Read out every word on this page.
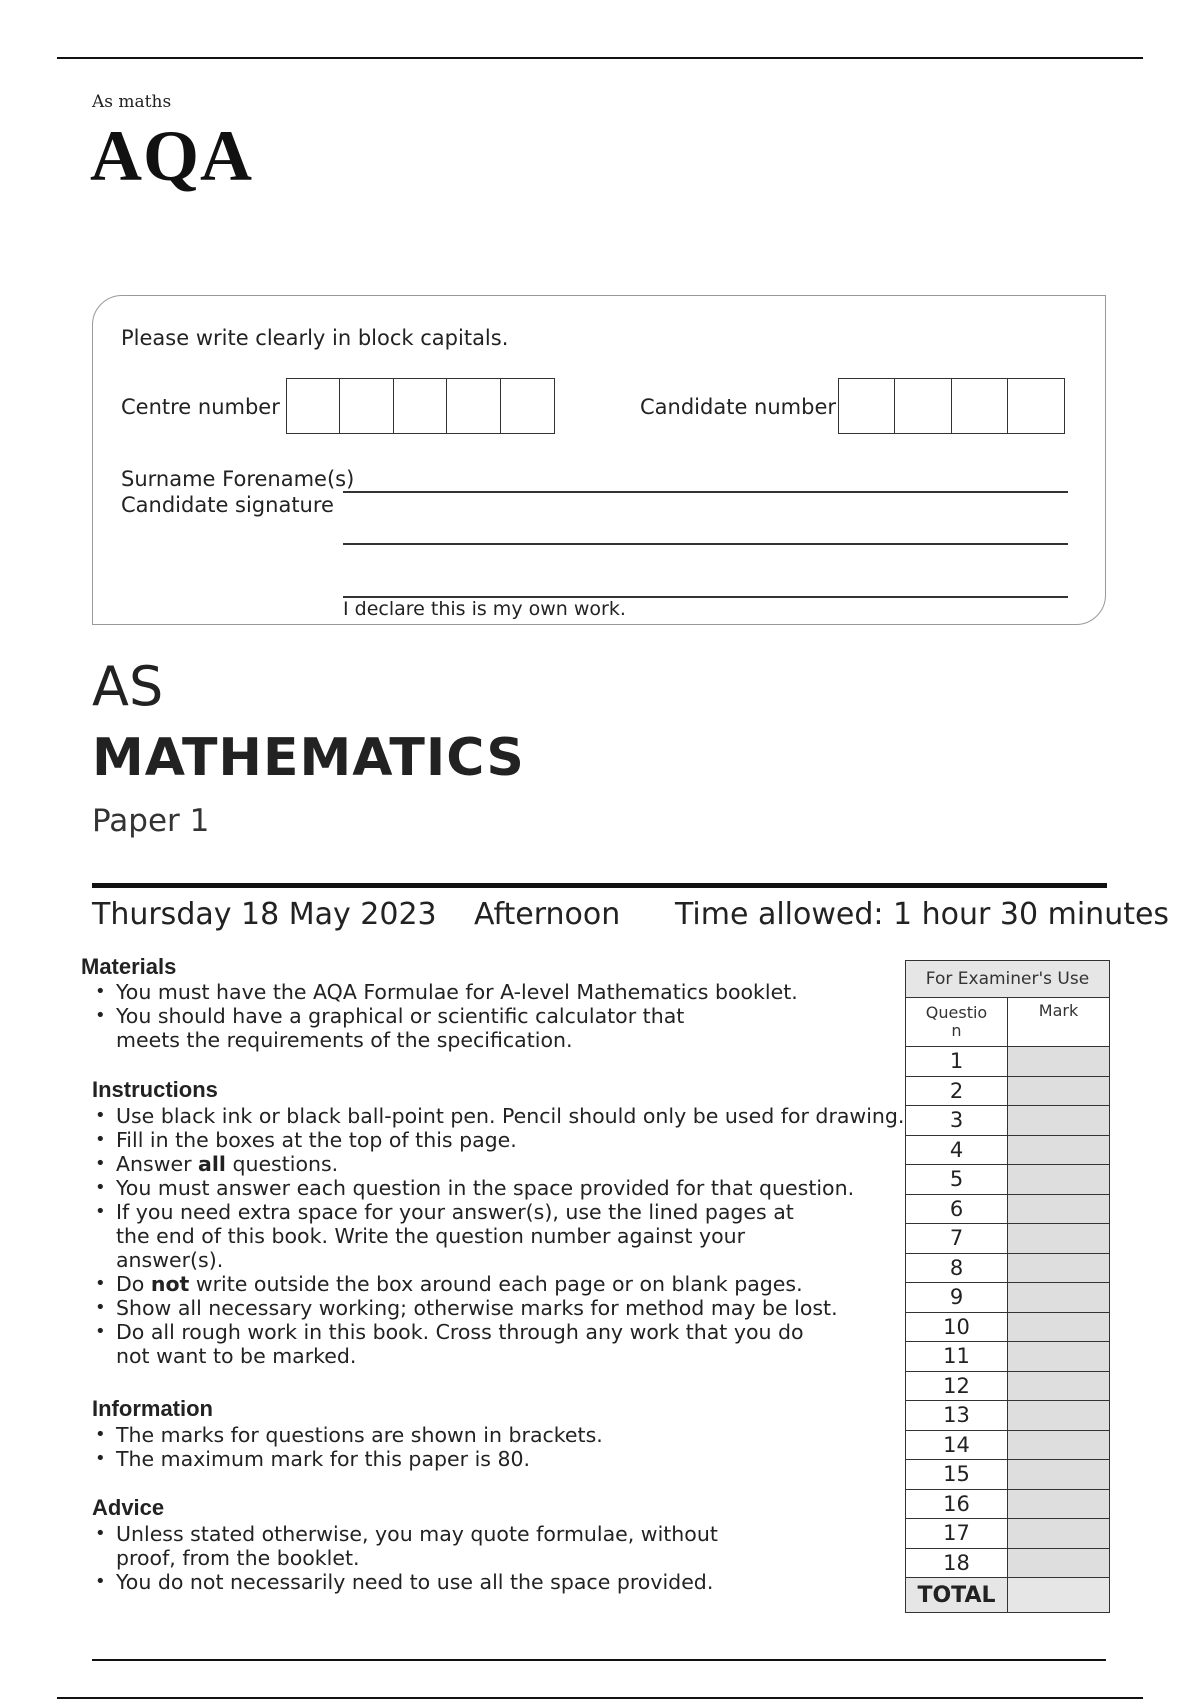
As maths
AQA
Please write clearly in block capitals.
Centre number	Candidate number
Surname Forename(s)
Candidate signature
I declare this is my own work.
AS
MATHEMATICS
Paper 1
Thursday 18 May 2023 Afternoon Time allowed: 1 hour 30 minutes
Materials
• You must have the AQA Formulae for A-level Mathematics booklet.
• You should have a graphical or scientific calculator that
meets the requirements of the specification.
Instructions
• Use black ink or black ball-point pen. Pencil should only be used for drawing.
• Fill in the boxes at the top of this page.
• Answer all questions.
• You must answer each question in the space provided for that question.
• If you need extra space for your answer(s), use the lined pages at
the end of this book. Write the question number against your
answer(s).
• Do not write outside the box around each page or on blank pages.
• Show all necessary working; otherwise marks for method may be lost.
• Do all rough work in this book. Cross through any work that you do
not want to be marked.
Information
• The marks for questions are shown in brackets.
• The maximum mark for this paper is 80.
Advice
• Unless stated otherwise, you may quote formulae, without
proof, from the booklet.
• You do not necessarily need to use all the space provided.
For Examiner's Use	
Questio
n	Mark
1	
2	
3	
4	
5	
6	
7	
8	
9	
10	
11	
12	
13	
14	
15	
16	
17	
18	
TOTAL	
